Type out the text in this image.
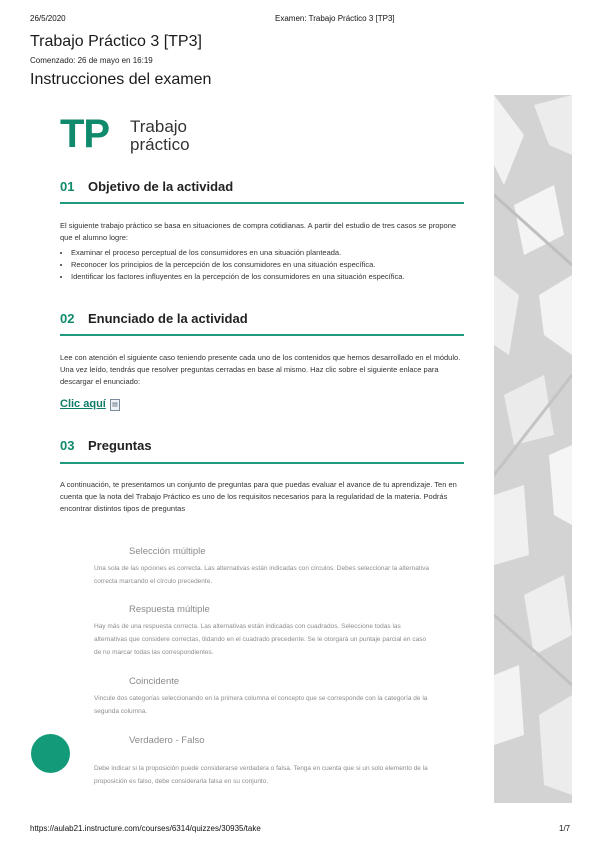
26/5/2020	Examen: Trabajo Práctico 3 [TP3]
https://aulab21.instructure.com/courses/6314/quizzes/30935/take	1/7
Trabajo Práctico 3 [TP3]
Comenzado: 26 de mayo en 16:19
Instrucciones del examen
TP Trabajo
práctico
01 Objetivo de la actividad
El siguiente trabajo práctico se basa en situaciones de compra cotidianas. A partir del estudio de tres casos se propone que el alumno logre:
• Examinar el proceso perceptual de los consumidores en una situación planteada.
• Reconocer los principios de la percepción de los consumidores en una situación específica.
• Identificar los factores influyentes en la percepción de los consumidores en una situación específica.
02 Enunciado de la actividad
Lee con atención el siguiente caso teniendo presente cada uno de los contenidos que hemos desarrollado en el módulo. Una vez leído, tendrás que resolver preguntas cerradas en base al mismo. Haz clic sobre el siguiente enlace para descargar el enunciado:
Clic aquí	▤
03 Preguntas
A continuación, te presentamos un conjunto de preguntas para que puedas evaluar el avance de tu aprendizaje. Ten en cuenta que la nota del Trabajo Práctico es uno de los requisitos necesarios para la regularidad de la materia. Podrás encontrar distintos tipos de preguntas
Selección múltiple
Una sola de las opciones es correcta. Las alternativas están indicadas con círculos. Debes seleccionar la alternativa correcta marcando el círculo precedente.
Respuesta múltiple
Hay más de una respuesta correcta. Las alternativas están indicadas con cuadrados. Seleccione todas las alternativas que considere correctas, tildando en el cuadrado precedente. Se le otorgará un puntaje parcial en caso de no marcar todas las correspondientes.
Coincidente
Vincule dos categorías seleccionando en la primera columna el concepto que se corresponde con la categoría de la segunda columna.
Verdadero - Falso
Debe indicar si la proposición puede considerarse verdadera o falsa. Tenga en cuenta que si un solo elemento de la proposición es falso, debe considerarla falsa en su conjunto.
